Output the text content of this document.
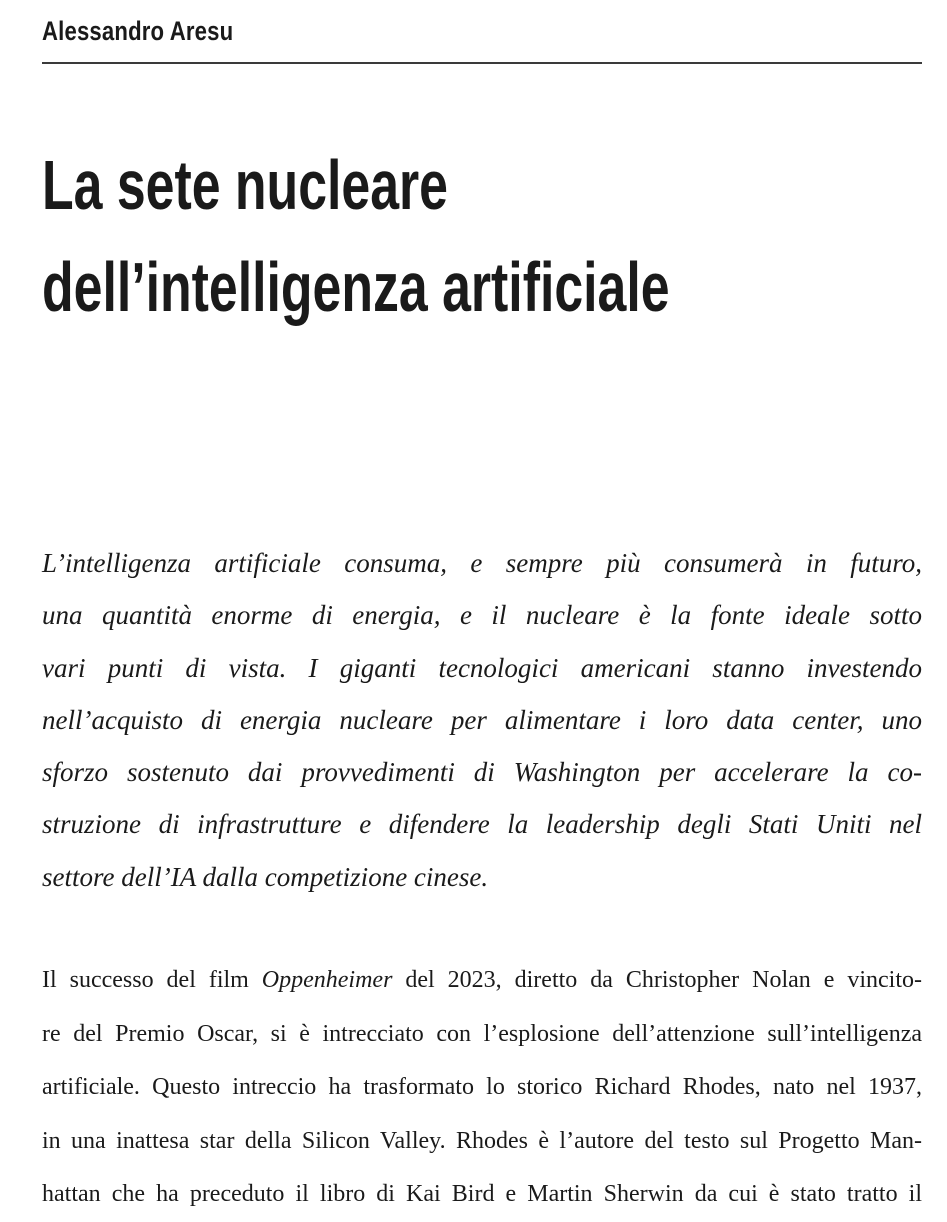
Alessandro Aresu
La sete nucleare
dell’intelligenza artificiale
L’intelligenza artificiale consuma, e sempre più consumerà in futuro,
una quantità enorme di energia, e il nucleare è la fonte ideale sotto
vari punti di vista. I giganti tecnologici americani stanno investendo
nell’acquisto di energia nucleare per alimentare i loro data center, uno
sforzo sostenuto dai provvedimenti di Washington per accelerare la co-
struzione di infrastrutture e difendere la leadership degli Stati Uniti nel
settore dell’IA dalla competizione cinese.
Il successo del film Oppenheimer del 2023, diretto da Christopher Nolan e vincito-
re del Premio Oscar, si è intrecciato con l’esplosione dell’attenzione sull’intelligenza
artificiale. Questo intreccio ha trasformato lo storico Richard Rhodes, nato nel 1937,
in una inattesa star della Silicon Valley. Rhodes è l’autore del testo sul Progetto Man-
hattan che ha preceduto il libro di Kai Bird e Martin Sherwin da cui è stato tratto il
